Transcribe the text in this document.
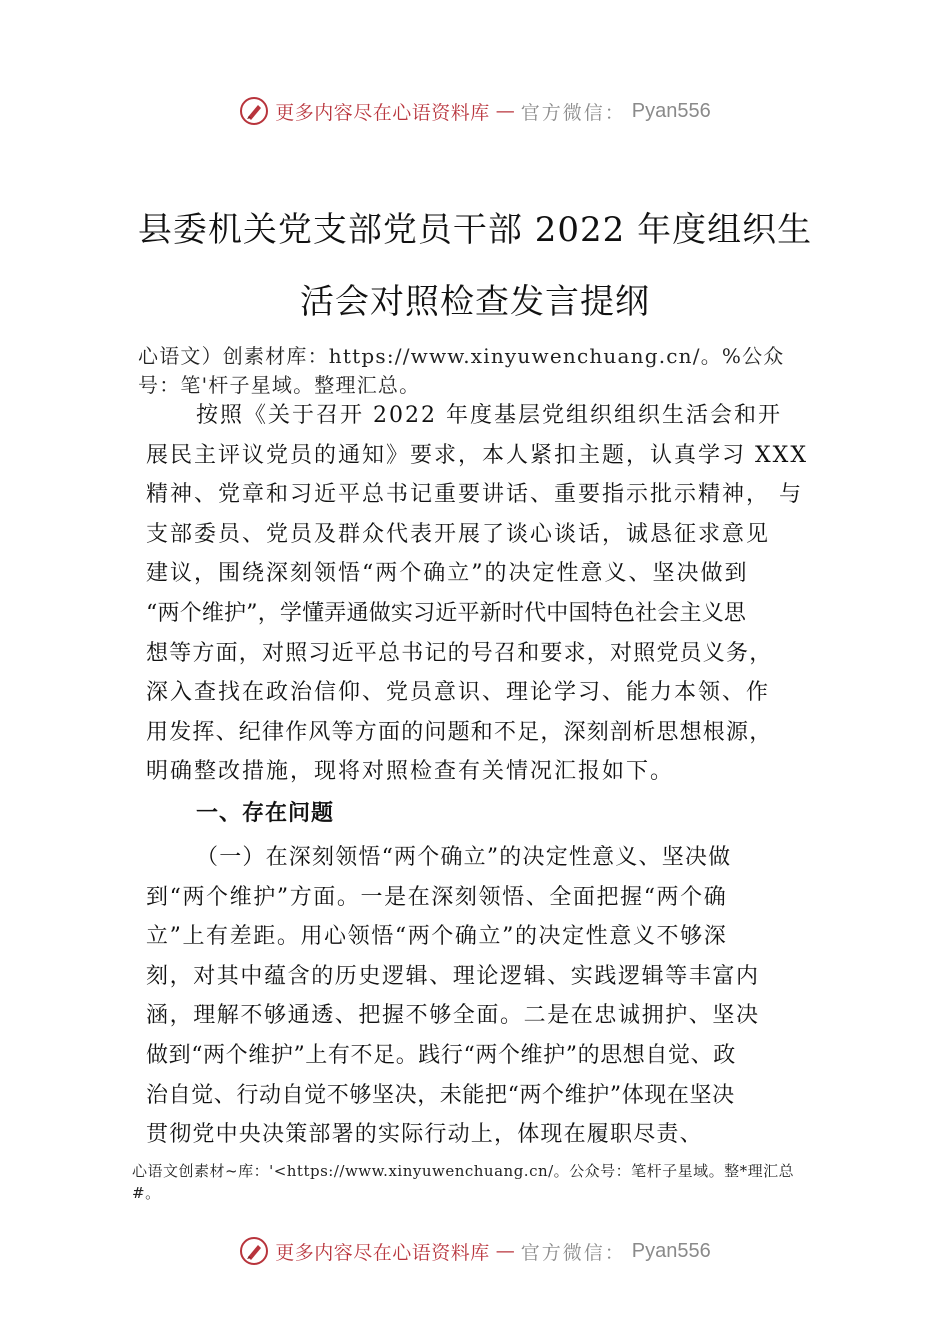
更多内容尽在心语资料库 — 官方微信： Pyan556
县委机关党支部党员干部 2022 年度组织生
活会对照检查发言提纲
心语文）创素材库：https://www.xinyuwenchuang.cn/。%公众
号：笔'杆子星域。整理汇总。
按照《关于召开 2022 年度基层党组织组织生活会和开
展民主评议党员的通知》要求，本人紧扣主题，认真学习 XXX
精神、党章和习近平总书记重要讲话、重要指示批示精神， 与
支部委员、党员及群众代表开展了谈心谈话，诚恳征求意见
建议，围绕深刻领悟“两个确立”的决定性意义、坚决做到
“两个维护”，学懂弄通做实习近平新时代中国特色社会主义思
想等方面，对照习近平总书记的号召和要求，对照党员义务，
深入查找在政治信仰、党员意识、理论学习、能力本领、作
用发挥、纪律作风等方面的问题和不足，深刻剖析思想根源，
明确整改措施，现将对照检查有关情况汇报如下。
一、存在问题
（一）在深刻领悟“两个确立”的决定性意义、坚决做
到“两个维护”方面。一是在深刻领悟、全面把握“两个确
立”上有差距。用心领悟“两个确立”的决定性意义不够深
刻，对其中蕴含的历史逻辑、理论逻辑、实践逻辑等丰富内
涵，理解不够通透、把握不够全面。二是在忠诚拥护、坚决
做到“两个维护”上有不足。践行“两个维护”的思想自觉、政
治自觉、行动自觉不够坚决，未能把“两个维护”体现在坚决
贯彻党中央决策部署的实际行动上，体现在履职尽责、
心语文创素材~库：'<https://www.xinyuwenchuang.cn/。公众号：笔杆子星域。整*理汇总
#。
更多内容尽在心语资料库 — 官方微信： Pyan556
